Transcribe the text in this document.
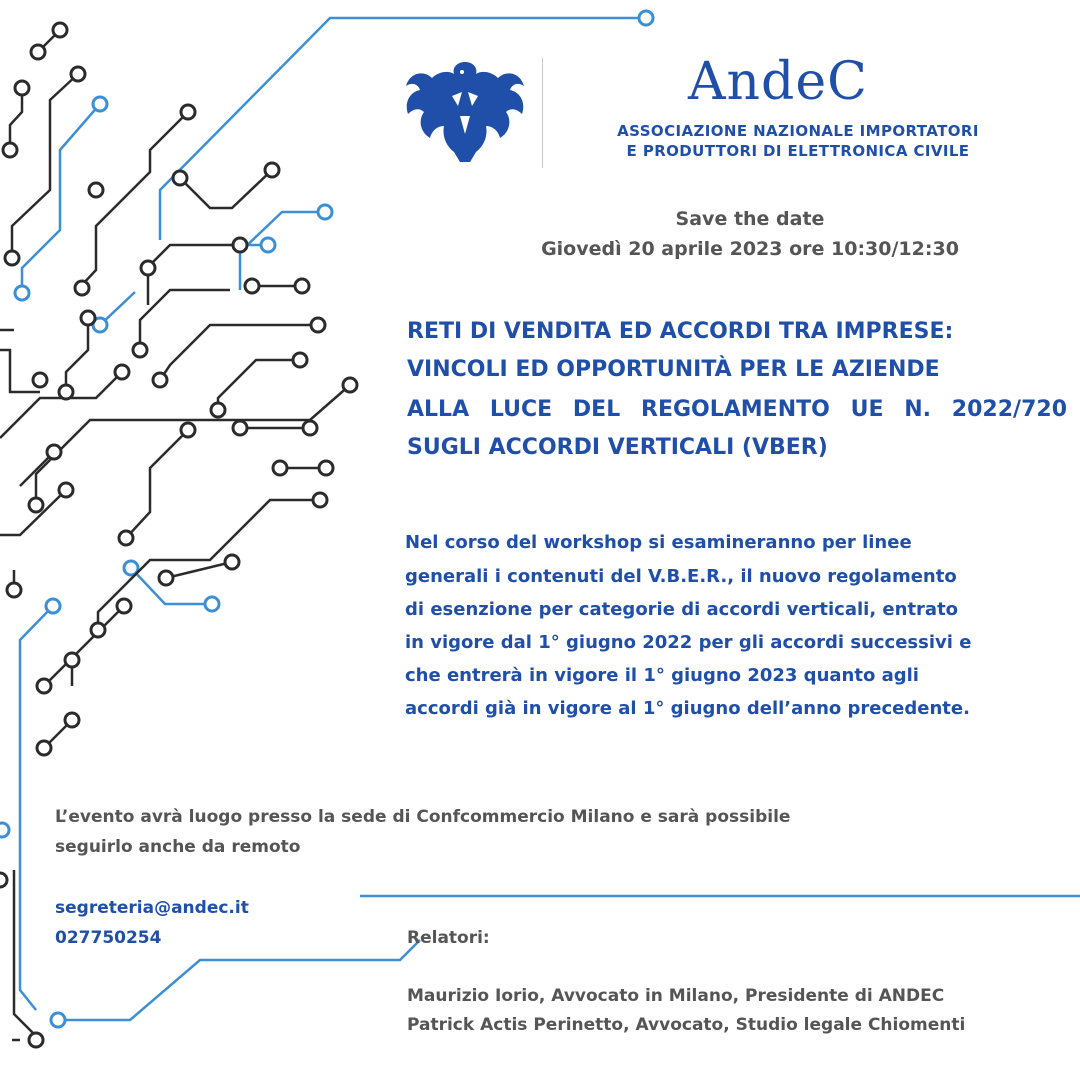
AndeC
ASSOCIAZIONE NAZIONALE IMPORTATORI
E PRODUTTORI DI ELETTRONICA CIVILE
Save the date
Giovedì 20 aprile 2023 ore 10:30/12:30
RETI DI VENDITA ED ACCORDI TRA IMPRESE:
VINCOLI ED OPPORTUNITÀ PER LE AZIENDE
ALLA LUCE DEL REGOLAMENTO UE N. 2022/720
SUGLI ACCORDI VERTICALI (VBER)
Nel corso del workshop si esamineranno per linee
generali i contenuti del V.B.E.R., il nuovo regolamento
di esenzione per categorie di accordi verticali, entrato
in vigore dal 1° giugno 2022 per gli accordi successivi e
che entrerà in vigore il 1° giugno 2023 quanto agli
accordi già in vigore al 1° giugno dell’anno precedente.
L’evento avrà luogo presso la sede di Confcommercio Milano e sarà possibile
seguirlo anche da remoto
segreteria@andec.it
027750254	Relatori:
Maurizio Iorio, Avvocato in Milano, Presidente di ANDEC
Patrick Actis Perinetto, Avvocato, Studio legale Chiomenti
